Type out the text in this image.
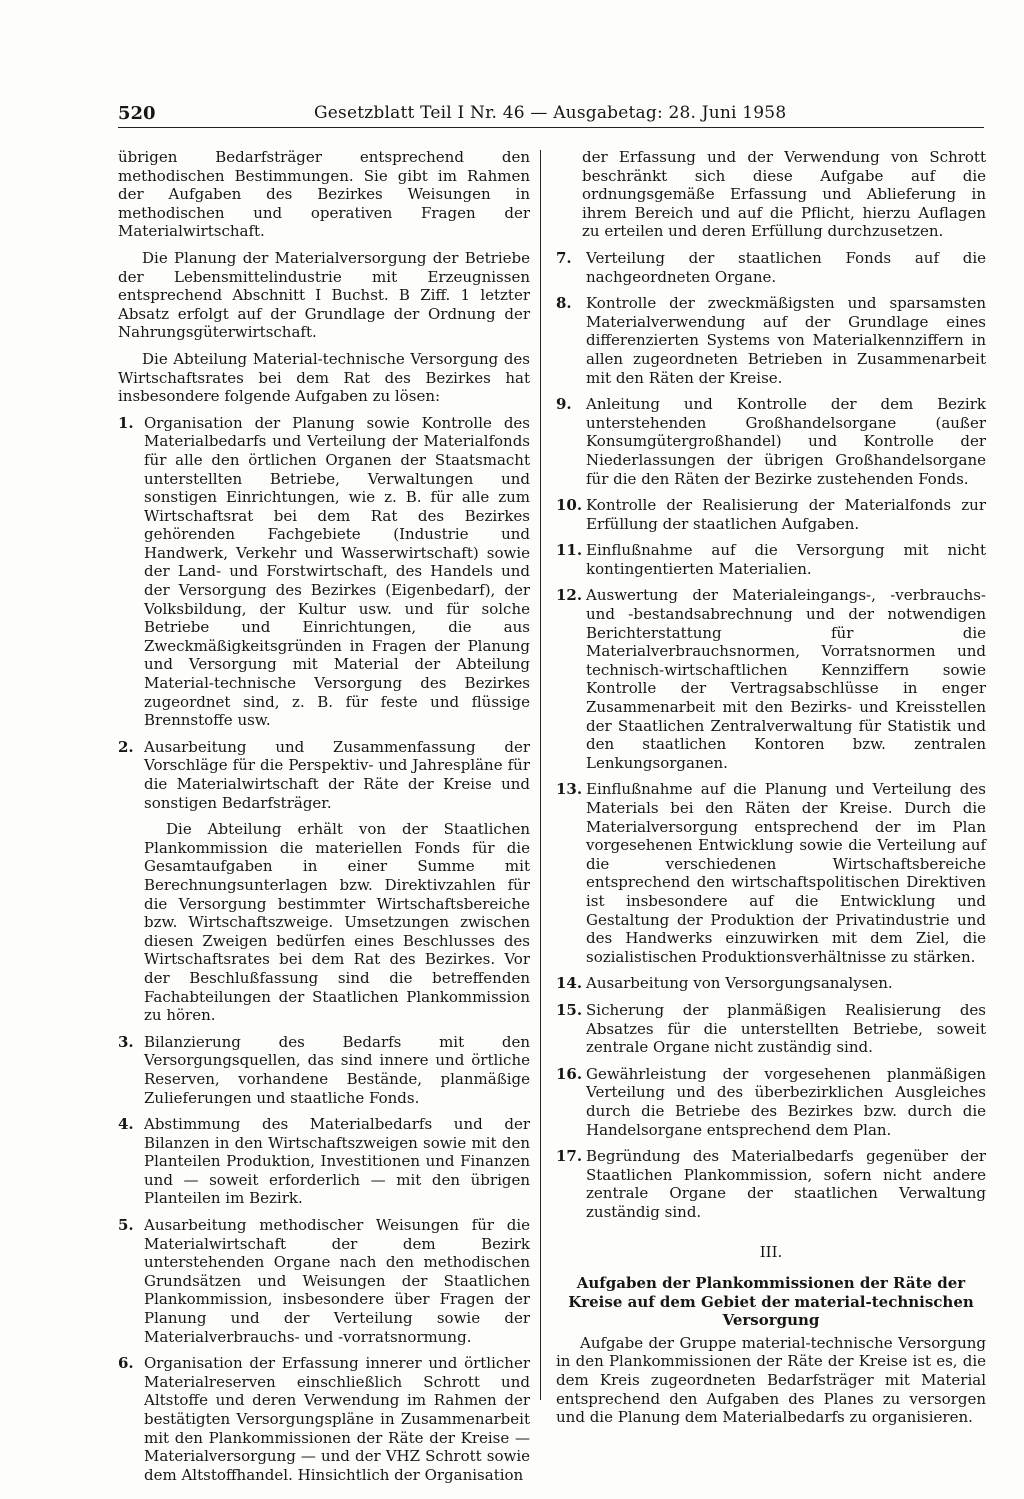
520	Gesetzblatt Teil I Nr. 46 — Ausgabetag: 28. Juni 1958

übrigen Bedarfsträger entsprechend den methodischen Bestimmungen. Sie gibt im Rahmen der Aufgaben des Bezirkes Weisungen in methodischen und operativen Fragen der Materialwirtschaft.

Die Planung der Materialversorgung der Betriebe der Lebensmittelindustrie mit Erzeugnissen entsprechend Abschnitt I Buchst. B Ziff. 1 letzter Absatz erfolgt auf der Grundlage der Ordnung der Nahrungsgüterwirtschaft.

Die Abteilung Material-technische Versorgung des Wirtschaftsrates bei dem Rat des Bezirkes hat insbesondere folgende Aufgaben zu lösen:

1. Organisation der Planung sowie Kontrolle des Materialbedarfs und Verteilung der Materialfonds für alle den örtlichen Organen der Staatsmacht unterstellten Betriebe, Verwaltungen und sonstigen Einrichtungen, wie z. B. für alle zum Wirtschaftsrat bei dem Rat des Bezirkes gehörenden Fachgebiete (Industrie und Handwerk, Verkehr und Wasserwirtschaft) sowie der Land- und Forstwirtschaft, des Handels und der Versorgung des Bezirkes (Eigenbedarf), der Volksbildung, der Kultur usw. und für solche Betriebe und Einrichtungen, die aus Zweckmäßigkeitsgründen in Fragen der Planung und Versorgung mit Material der Abteilung Material-technische Versorgung des Bezirkes zugeordnet sind, z. B. für feste und flüssige Brennstoffe usw.
2. Ausarbeitung und Zusammenfassung der Vorschläge für die Perspektiv- und Jahrespläne für die Materialwirtschaft der Räte der Kreise und sonstigen Bedarfsträger.

Die Abteilung erhält von der Staatlichen Plankommission die materiellen Fonds für die Gesamtaufgaben in einer Summe mit Berechnungsunterlagen bzw. Direktivzahlen für die Versorgung bestimmter Wirtschaftsbereiche bzw. Wirtschaftszweige. Umsetzungen zwischen diesen Zweigen bedürfen eines Beschlusses des Wirtschaftsrates bei dem Rat des Bezirkes. Vor der Beschlußfassung sind die betreffenden Fachabteilungen der Staatlichen Plankommission zu hören.

3. Bilanzierung des Bedarfs mit den Versorgungsquellen, das sind innere und örtliche Reserven, vorhandene Bestände, planmäßige Zulieferungen und staatliche Fonds.
4. Abstimmung des Materialbedarfs und der Bilanzen in den Wirtschaftszweigen sowie mit den Planteilen Produktion, Investitionen und Finanzen und — soweit erforderlich — mit den übrigen Planteilen im Bezirk.
5. Ausarbeitung methodischer Weisungen für die Materialwirtschaft der dem Bezirk unterstehenden Organe nach den methodischen Grundsätzen und Weisungen der Staatlichen Plankommission, insbesondere über Fragen der Planung und der Verteilung sowie der Materialverbrauchs- und -vorratsnormung.
6. Organisation der Erfassung innerer und örtlicher Materialreserven einschließlich Schrott und Altstoffe und deren Verwendung im Rahmen der bestätigten Versorgungspläne in Zusammenarbeit mit den Plankommissionen der Räte der Kreise — Materialversorgung — und der VHZ Schrott sowie dem Altstoffhandel. Hinsichtlich der Organisation

der Erfassung und der Verwendung von Schrott beschränkt sich diese Aufgabe auf die ordnungsgemäße Erfassung und Ablieferung in ihrem Bereich und auf die Pflicht, hierzu Auflagen zu erteilen und deren Erfüllung durchzusetzen.

7. Verteilung der staatlichen Fonds auf die nachgeordneten Organe.
8. Kontrolle der zweckmäßigsten und sparsamsten Materialverwendung auf der Grundlage eines differenzierten Systems von Materialkennziffern in allen zugeordneten Betrieben in Zusammenarbeit mit den Räten der Kreise.
9. Anleitung und Kontrolle der dem Bezirk unterstehenden Großhandelsorgane (außer Konsumgütergroßhandel) und Kontrolle der Niederlassungen der übrigen Großhandelsorgane für die den Räten der Bezirke zustehenden Fonds.
10. Kontrolle der Realisierung der Materialfonds zur Erfüllung der staatlichen Aufgaben.
11. Einflußnahme auf die Versorgung mit nicht kontingentierten Materialien.
12. Auswertung der Materialeingangs-, -verbrauchs- und -bestandsabrechnung und der notwendigen Berichterstattung für die Materialverbrauchsnormen, Vorratsnormen und technisch-wirtschaftlichen Kennziffern sowie Kontrolle der Vertragsabschlüsse in enger Zusammenarbeit mit den Bezirks- und Kreisstellen der Staatlichen Zentralverwaltung für Statistik und den staatlichen Kontoren bzw. zentralen Lenkungsorganen.
13. Einflußnahme auf die Planung und Verteilung des Materials bei den Räten der Kreise. Durch die Materialversorgung entsprechend der im Plan vorgesehenen Entwicklung sowie die Verteilung auf die verschiedenen Wirtschaftsbereiche entsprechend den wirtschaftspolitischen Direktiven ist insbesondere auf die Entwicklung und Gestaltung der Produktion der Privatindustrie und des Handwerks einzuwirken mit dem Ziel, die sozialistischen Produktionsverhältnisse zu stärken.
14. Ausarbeitung von Versorgungsanalysen.
15. Sicherung der planmäßigen Realisierung des Absatzes für die unterstellten Betriebe, soweit zentrale Organe nicht zuständig sind.
16. Gewährleistung der vorgesehenen planmäßigen Verteilung und des überbezirklichen Ausgleiches durch die Betriebe des Bezirkes bzw. durch die Handelsorgane entsprechend dem Plan.
17. Begründung des Materialbedarfs gegenüber der Staatlichen Plankommission, sofern nicht andere zentrale Organe der staatlichen Verwaltung zuständig sind.
III.
Aufgaben der Plankommissionen der Räte der Kreise auf dem Gebiet der material-technischen Versorgung

Aufgabe der Gruppe material-technische Versorgung in den Plankommissionen der Räte der Kreise ist es, die dem Kreis zugeordneten Bedarfsträger mit Material entsprechend den Aufgaben des Planes zu versorgen und die Planung dem Materialbedarfs zu organisieren.
